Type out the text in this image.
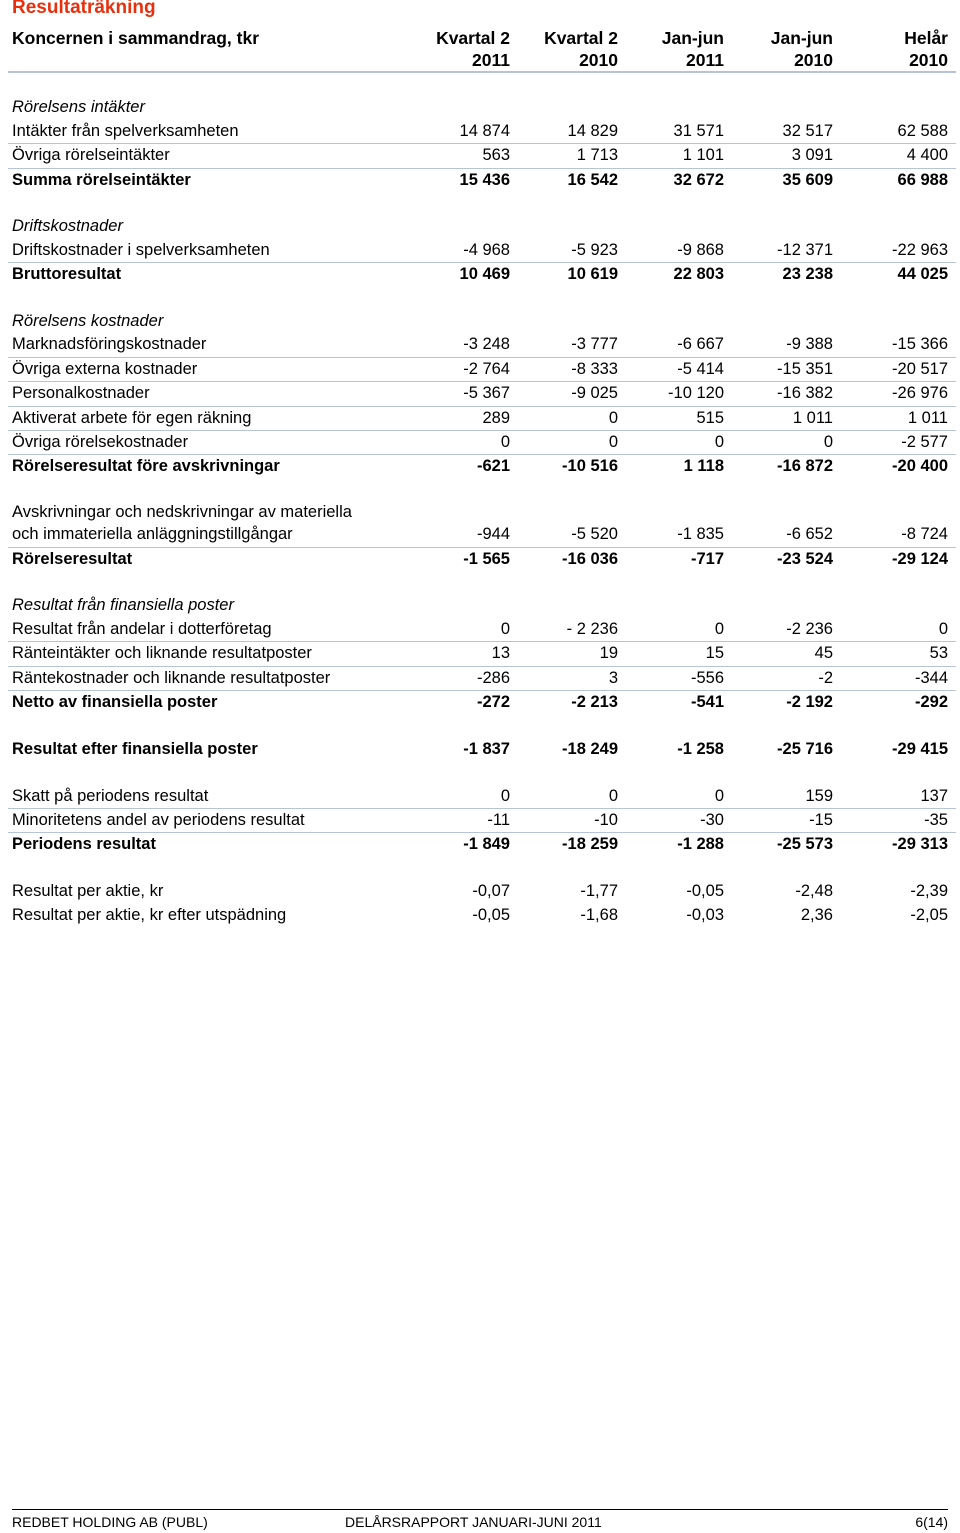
Resultaträkning
Koncernen i sammandrag, tkr	Kvartal 2	Kvartal 2	Jan-jun	Jan-jun	Helår
	2011	2010	2011	2010	2010

Rörelsens intäkter					
Intäkter från spelverksamheten	14 874	14 829	31 571	32 517	62 588
Övriga rörelseintäkter	563	1 713	1 101	3 091	4 400
Summa rörelseintäkter	15 436	16 542	32 672	35 609	66 988

Driftskostnader					
Driftskostnader i spelverksamheten	-4 968	-5 923	-9 868	-12 371	-22 963
Bruttoresultat	10 469	10 619	22 803	23 238	44 025

Rörelsens kostnader					
Marknadsföringskostnader	-3 248	-3 777	-6 667	-9 388	-15 366
Övriga externa kostnader	-2 764	-8 333	-5 414	-15 351	-20 517
Personalkostnader	-5 367	-9 025	-10 120	-16 382	-26 976
Aktiverat arbete för egen räkning	289	0	515	1 011	1 011
Övriga rörelsekostnader	0	0	0	0	-2 577
Rörelseresultat före avskrivningar	-621	-10 516	1 118	-16 872	-20 400

Avskrivningar och nedskrivningar av materiella					
och immateriella anläggningstillgångar	-944	-5 520	-1 835	-6 652	-8 724
Rörelseresultat	-1 565	-16 036	-717	-23 524	-29 124

Resultat från finansiella poster					
Resultat från andelar i dotterföretag	0	- 2 236	0	-2 236	0
Ränteintäkter och liknande resultatposter	13	19	15	45	53
Räntekostnader och liknande resultatposter	-286	3	-556	-2	-344
Netto av finansiella poster	-272	-2 213	-541	-2 192	-292

Resultat efter finansiella poster	-1 837	-18 249	-1 258	-25 716	-29 415

Skatt på periodens resultat	0	0	0	159	137
Minoritetens andel av periodens resultat	-11	-10	-30	-15	-35
Periodens resultat	-1 849	-18 259	-1 288	-25 573	-29 313

Resultat per aktie, kr	-0,07	-1,77	-0,05	-2,48	-2,39
Resultat per aktie, kr efter utspädning	-0,05	-1,68	-0,03	2,36	-2,05
REDBET HOLDING AB (PUBL)	DELÅRSRAPPORT JANUARI-JUNI 2011	6(14)
